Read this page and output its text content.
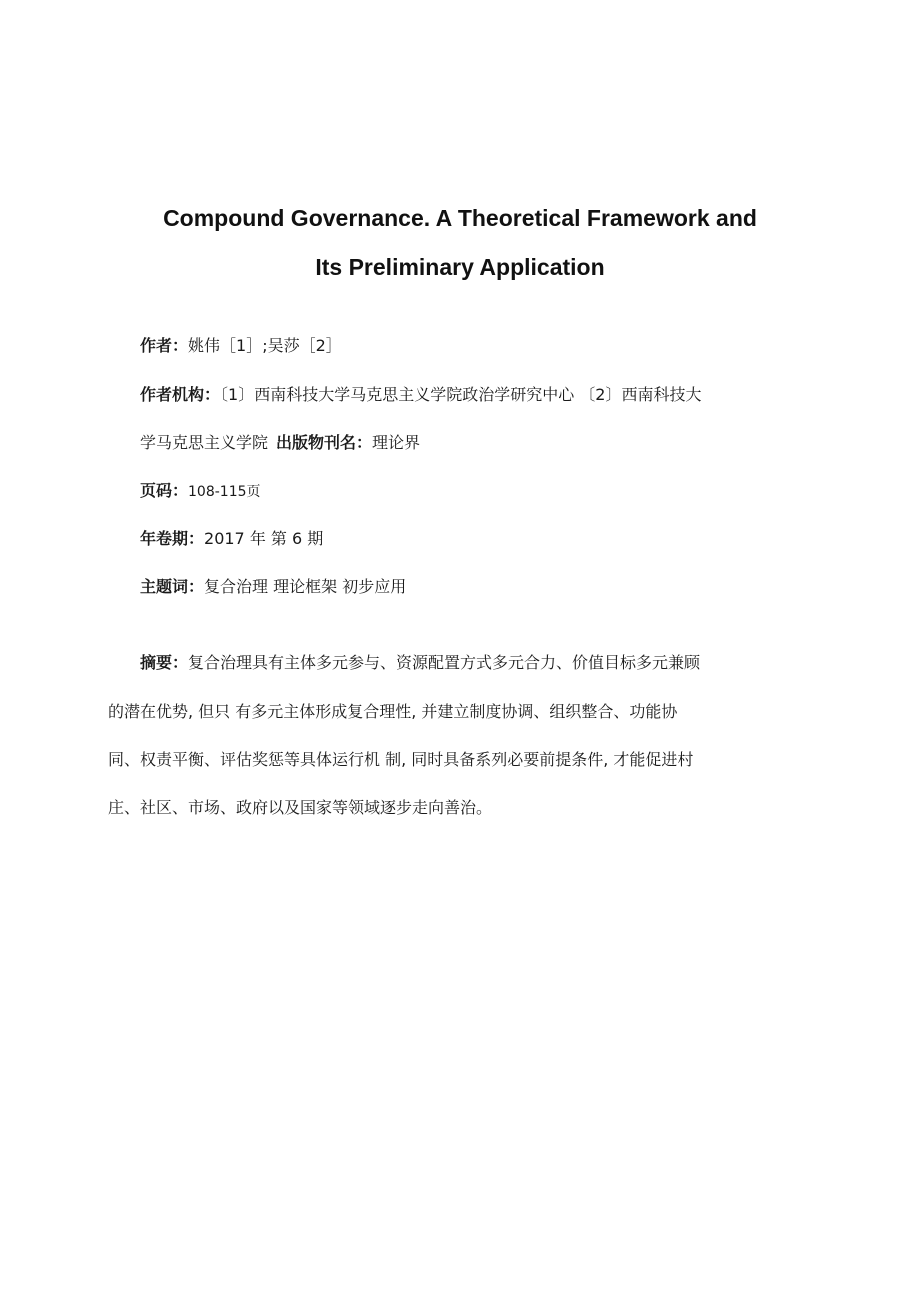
Compound Governance. A Theoretical Framework and
Its Preliminary Application
作者：姚伟［1］;吴莎［2］
作者机构：〔1〕西南科技大学马克思主义学院政治学研究中心 〔2〕西南科技大
学马克思主义学院 出版物刊名：理论界
页码：108-115页
年卷期：2017 年 第 6 期
主题词：复合治理 理论框架 初步应用
摘要：复合治理具有主体多元参与、资源配置方式多元合力、价值目标多元兼顾
的潜在优势, 但只 有多元主体形成复合理性, 并建立制度协调、组织整合、功能协
同、权责平衡、评估奖惩等具体运行机 制, 同时具备系列必要前提条件, 才能促进村
庄、社区、市场、政府以及国家等领域逐步走向善治。
